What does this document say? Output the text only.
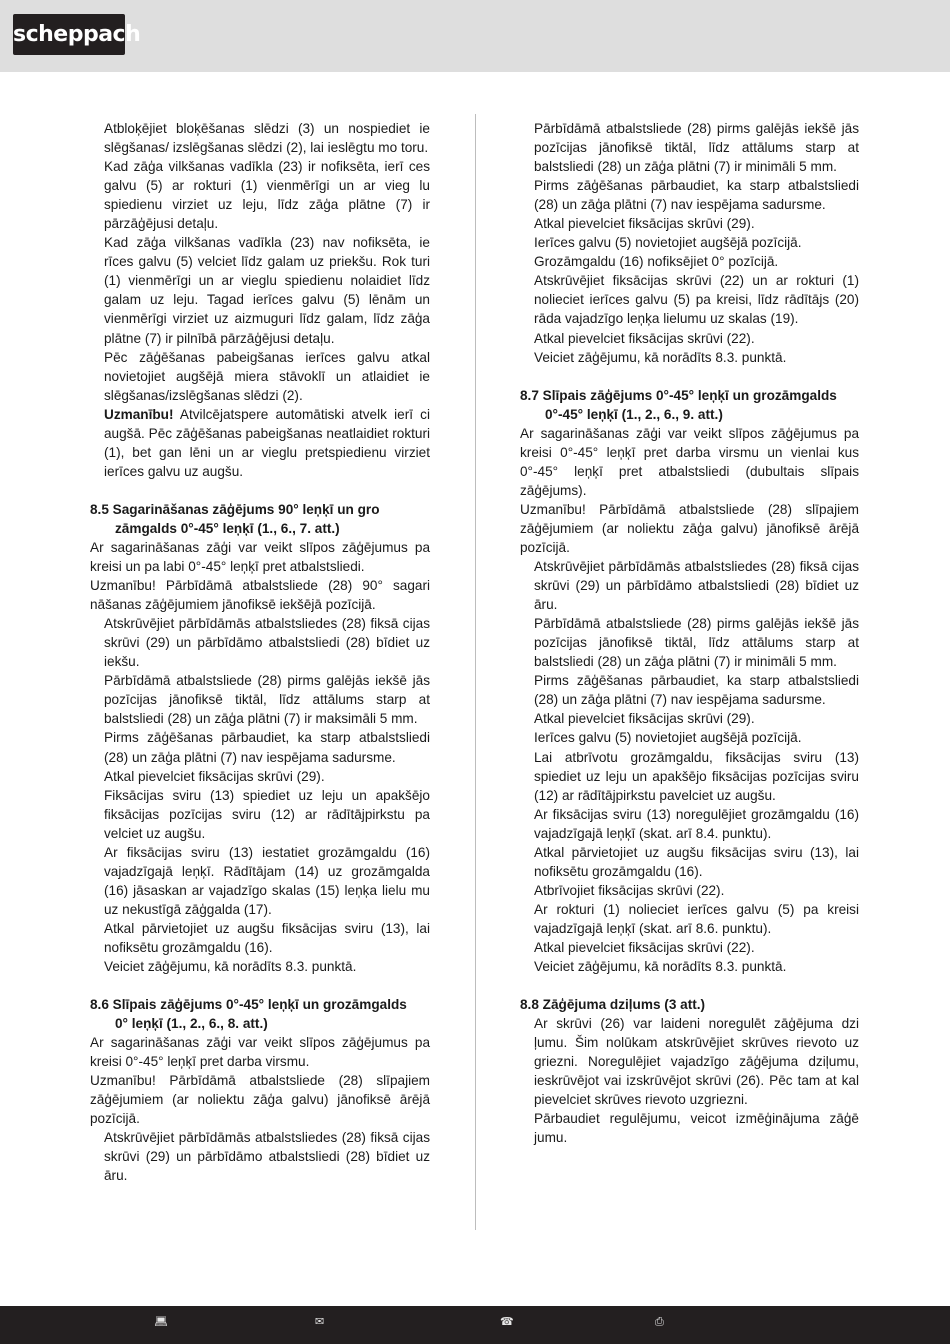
scheppach

Atbloķējiet bloķēšanas slēdzi (3) un nospiediet ie slēgšanas/ izslēgšanas slēdzi (2), lai ieslēgtu mo toru.

Kad zāģa vilkšanas vadīkla (23) ir nofiksēta, ierī ces galvu (5) ar rokturi (1) vienmērīgi un ar vieg lu spiedienu virziet uz leju, līdz zāģa plātne (7) ir pārzāģējusi detaļu.

Kad zāģa vilkšanas vadīkla (23) nav nofiksēta, ie rīces galvu (5) velciet līdz galam uz priekšu. Rok turi (1) vienmērīgi un ar vieglu spiedienu nolaidiet līdz galam uz leju. Tagad ierīces galvu (5) lēnām un vienmērīgi virziet uz aizmuguri līdz galam, līdz zāģa plātne (7) ir pilnībā pārzāģējusi detaļu.

Pēc zāģēšanas pabeigšanas ierīces galvu atkal novietojiet augšējā miera stāvoklī un atlaidiet ie slēgšanas/izslēgšanas slēdzi (2).

Uzmanību! Atvilcējatspere automātiski atvelk ierī ci augšā. Pēc zāģēšanas pabeigšanas neatlaidiet rokturi (1), bet gan lēni un ar vieglu pretspiedienu virziet ierīces galvu uz augšu.

8.5 Sagarināšanas zāģējums 90° leņķī un gro

zāmgalds 0°-45° leņķī (1., 6., 7. att.)

Ar sagarināšanas zāģi var veikt slīpos zāģējumus pa kreisi un pa labi 0°-45° leņķī pret atbalstsliedi.

Uzmanību! Pārbīdāmā atbalstsliede (28) 90° sagari nāšanas zāģējumiem jānofiksē iekšējā pozīcijā.

Atskrūvējiet pārbīdāmās atbalstsliedes (28) fiksā cijas skrūvi (29) un pārbīdāmo atbalstsliedi (28) bīdiet uz iekšu.

Pārbīdāmā atbalstsliede (28) pirms galējās iekšē jās pozīcijas jānofiksē tiktāl, līdz attālums starp at balstsliedi (28) un zāģa plātni (7) ir maksimāli 5 mm.

Pirms zāģēšanas pārbaudiet, ka starp atbalstsliedi (28) un zāģa plātni (7) nav iespējama sadursme.

Atkal pievelciet fiksācijas skrūvi (29).

Fiksācijas sviru (13) spiediet uz leju un apakšējo fiksācijas pozīcijas sviru (12) ar rādītājpirkstu pa velciet uz augšu.

Ar fiksācijas sviru (13) iestatiet grozāmgaldu (16) vajadzīgajā leņķī. Rādītājam (14) uz grozāmgalda (16) jāsaskan ar vajadzīgo skalas (15) leņķa lielu mu uz nekustīgā zāģgalda (17).

Atkal pārvietojiet uz augšu fiksācijas sviru (13), lai nofiksētu grozāmgaldu (16).

Veiciet zāģējumu, kā norādīts 8.3. punktā.

8.6 Slīpais zāģējums 0°-45° leņķī un grozāmgalds

0° leņķī (1., 2., 6., 8. att.)

Ar sagarināšanas zāģi var veikt slīpos zāģējumus pa kreisi 0°-45° leņķī pret darba virsmu.

Uzmanību! Pārbīdāmā atbalstsliede (28) slīpajiem zāģējumiem (ar noliektu zāģa galvu) jānofiksē ārējā pozīcijā.

Atskrūvējiet pārbīdāmās atbalstsliedes (28) fiksā cijas skrūvi (29) un pārbīdāmo atbalstsliedi (28) bīdiet uz āru.

Pārbīdāmā atbalstsliede (28) pirms galējās iekšē jās pozīcijas jānofiksē tiktāl, līdz attālums starp at balstsliedi (28) un zāģa plātni (7) ir minimāli 5 mm.

Pirms zāģēšanas pārbaudiet, ka starp atbalstsliedi (28) un zāģa plātni (7) nav iespējama sadursme.

Atkal pievelciet fiksācijas skrūvi (29).

Ierīces galvu (5) novietojiet augšējā pozīcijā.

Grozāmgaldu (16) nofiksējiet 0° pozīcijā.

Atskrūvējiet fiksācijas skrūvi (22) un ar rokturi (1) nolieciet ierīces galvu (5) pa kreisi, līdz rādītājs (20) rāda vajadzīgo leņķa lielumu uz skalas (19).

Atkal pievelciet fiksācijas skrūvi (22).

Veiciet zāģējumu, kā norādīts 8.3. punktā.

8.7 Slīpais zāģējums 0°-45° leņķī un grozāmgalds

0°-45° leņķī (1., 2., 6., 9. att.)

Ar sagarināšanas zāģi var veikt slīpos zāģējumus pa kreisi 0°-45° leņķī pret darba virsmu un vienlai kus 0°-45° leņķī pret atbalstsliedi (dubultais slīpais zāģējums).

Uzmanību! Pārbīdāmā atbalstsliede (28) slīpajiem zāģējumiem (ar noliektu zāģa galvu) jānofiksē ārējā pozīcijā.

Atskrūvējiet pārbīdāmās atbalstsliedes (28) fiksā cijas skrūvi (29) un pārbīdāmo atbalstsliedi (28) bīdiet uz āru.

Pārbīdāmā atbalstsliede (28) pirms galējās iekšē jās pozīcijas jānofiksē tiktāl, līdz attālums starp at balstsliedi (28) un zāģa plātni (7) ir minimāli 5 mm.

Pirms zāģēšanas pārbaudiet, ka starp atbalstsliedi (28) un zāģa plātni (7) nav iespējama sadursme.

Atkal pievelciet fiksācijas skrūvi (29).

Ierīces galvu (5) novietojiet augšējā pozīcijā.

Lai atbrīvotu grozāmgaldu, fiksācijas sviru (13) spiediet uz leju un apakšējo fiksācijas pozīcijas sviru (12) ar rādītājpirkstu pavelciet uz augšu.

Ar fiksācijas sviru (13) noregulējiet grozāmgaldu (16) vajadzīgajā leņķī (skat. arī 8.4. punktu).

Atkal pārvietojiet uz augšu fiksācijas sviru (13), lai nofiksētu grozāmgaldu (16).

Atbrīvojiet fiksācijas skrūvi (22).

Ar rokturi (1) nolieciet ierīces galvu (5) pa kreisi vajadzīgajā leņķī (skat. arī 8.6. punktu).

Atkal pievelciet fiksācijas skrūvi (22).

Veiciet zāģējumu, kā norādīts 8.3. punktā.

8.8 Zāģējuma dziļums (3 att.)

Ar skrūvi (26) var laideni noregulēt zāģējuma dzi ļumu. Šim nolūkam atskrūvējiet skrūves rievoto uz griezni. Noregulējiet vajadzīgo zāģējuma dziļumu, ieskrūvējot vai izskrūvējot skrūvi (26). Pēc tam at kal pievelciet skrūves rievoto uzgriezni.

Pārbaudiet regulējumu, veicot izmēģinājuma zāģē jumu.

💻︎	✉︎	☎︎	⎙
